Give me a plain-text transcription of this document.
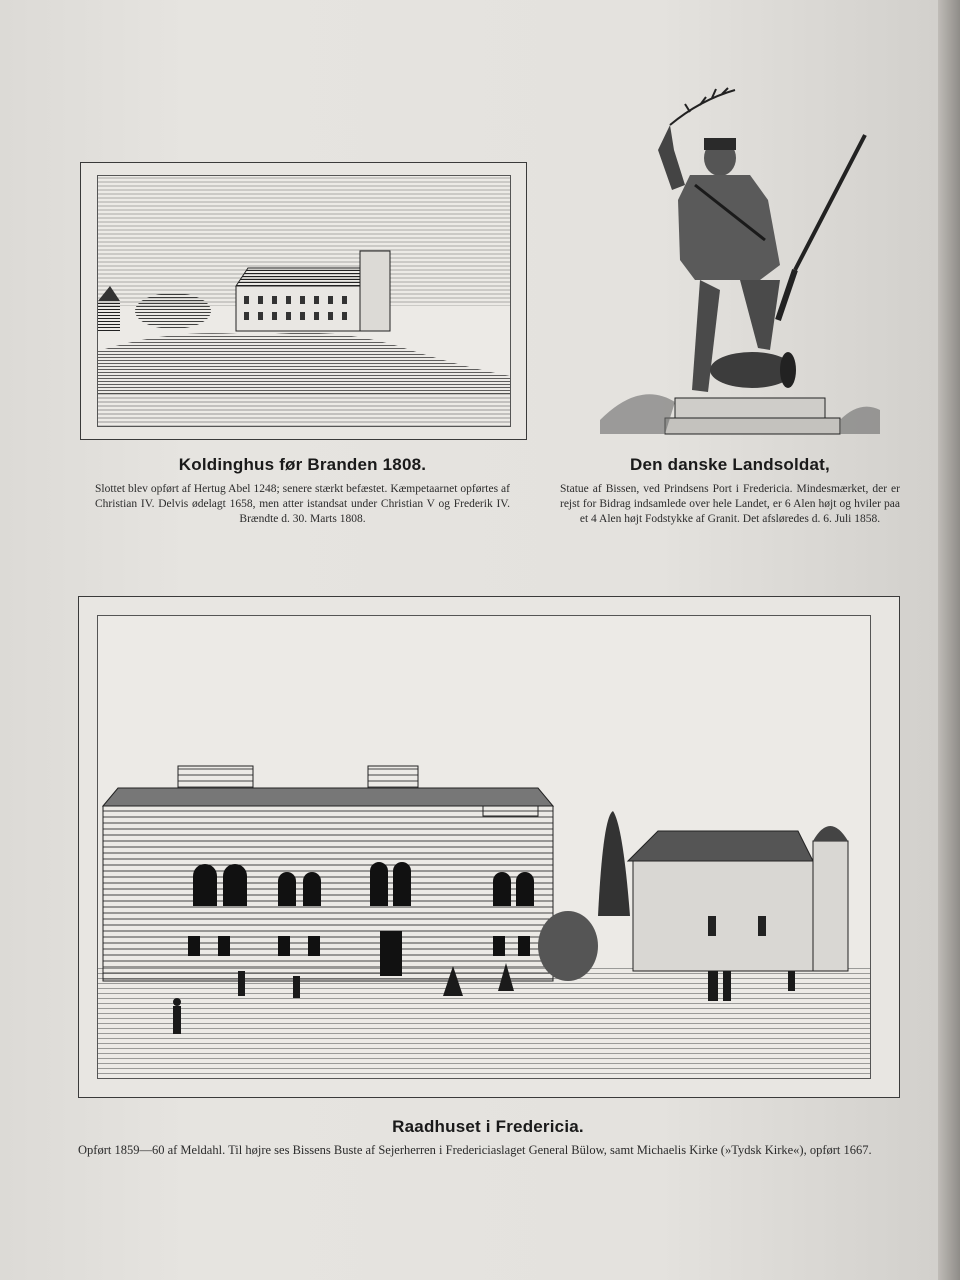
Koldinghus før Branden 1808.
Slottet blev opført af Hertug Abel 1248; senere stærkt befæstet. Kæmpetaarnet opførtes af Christian IV. Delvis ødelagt 1658, men atter istandsat under Christian V og Frederik IV. Brændte d. 30. Marts 1808.
Den danske Landsoldat,
Statue af Bissen, ved Prindsens Port i Fredericia. Mindesmærket, der er rejst for Bidrag indsamlede over hele Landet, er 6 Alen højt og hviler paa et 4 Alen højt Fodstykke af Granit. Det afsløredes d. 6. Juli 1858.
Raadhuset i Fredericia.
Opført 1859—60 af Meldahl. Til højre ses Bissens Buste af Sejerherren i Fredericiaslaget General Bülow, samt Michaelis Kirke (»Tydsk Kirke«), opført 1667.
